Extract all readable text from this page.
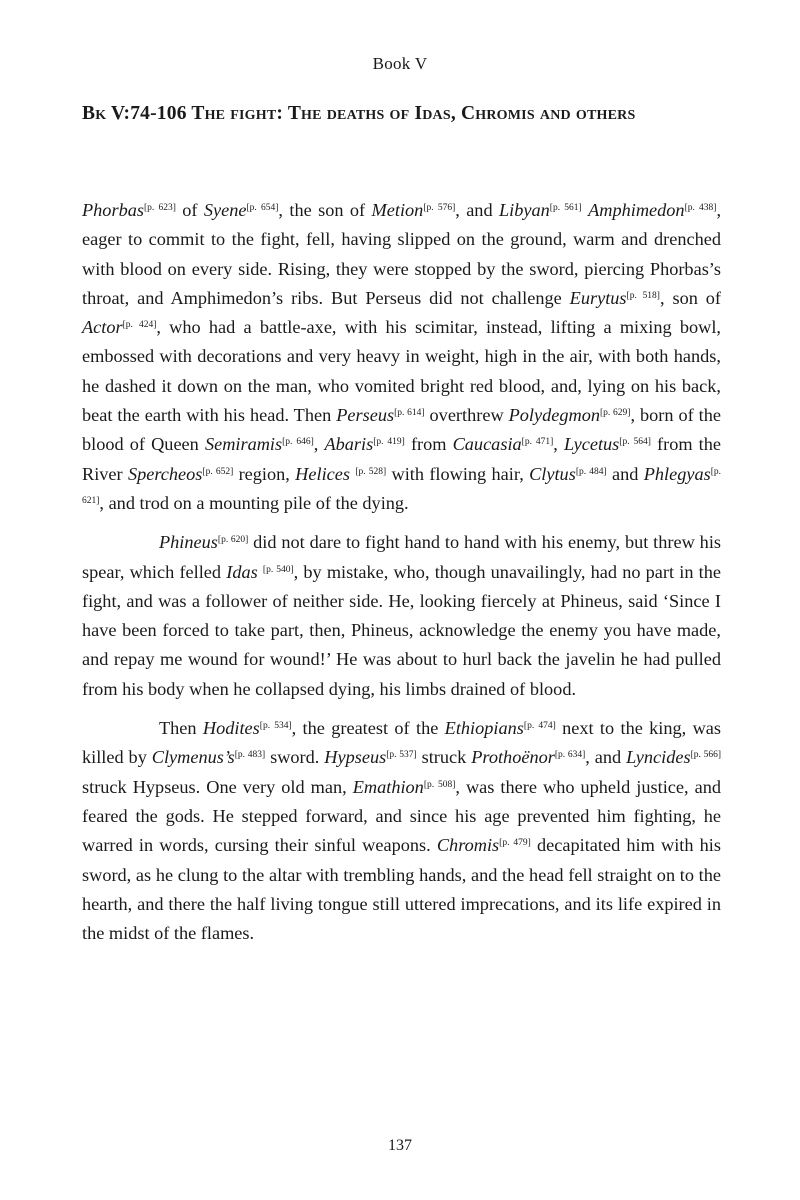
Book V
Bk V:74-106 The fight: The deaths of Idas, Chromis and others

Phorbas[p. 623] of Syene[p. 654], the son of Metion[p. 576], and Libyan[p. 561] Amphimedon[p. 438], eager to commit to the fight, fell, having slipped on the ground, warm and drenched with blood on every side. Rising, they were stopped by the sword, piercing Phorbas’s throat, and Amphimedon’s ribs. But Perseus did not challenge Eurytus[p. 518], son of Actor[p. 424], who had a battle-axe, with his scimitar, instead, lifting a mixing bowl, embossed with decorations and very heavy in weight, high in the air, with both hands, he dashed it down on the man, who vomited bright red blood, and, lying on his back, beat the earth with his head. Then Perseus[p. 614] overthrew Polydegmon[p. 629], born of the blood of Queen Semiramis[p. 646], Abaris[p. 419] from Caucasia[p. 471], Lycetus[p. 564] from the River Spercheos[p. 652] region, Helices [p. 528] with flowing hair, Clytus[p. 484] and Phlegyas[p. 621], and trod on a mounting pile of the dying.

Phineus[p. 620] did not dare to fight hand to hand with his enemy, but threw his spear, which felled Idas [p. 540], by mistake, who, though unavailingly, had no part in the fight, and was a follower of neither side. He, looking fiercely at Phineus, said ‘Since I have been forced to take part, then, Phineus, acknowledge the enemy you have made, and repay me wound for wound!’ He was about to hurl back the javelin he had pulled from his body when he collapsed dying, his limbs drained of blood.

Then Hodites[p. 534], the greatest of the Ethiopians[p. 474] next to the king, was killed by Clymenus’s[p. 483] sword. Hypseus[p. 537] struck Prothoënor[p. 634], and Lyncides[p. 566] struck Hypseus. One very old man, Emathion[p. 508], was there who upheld justice, and feared the gods. He stepped forward, and since his age prevented him fighting, he warred in words, cursing their sinful weapons. Chromis[p. 479] decapitated him with his sword, as he clung to the altar with trembling hands, and the head fell straight on to the hearth, and there the half living tongue still uttered imprecations, and its life expired in the midst of the flames.

137
